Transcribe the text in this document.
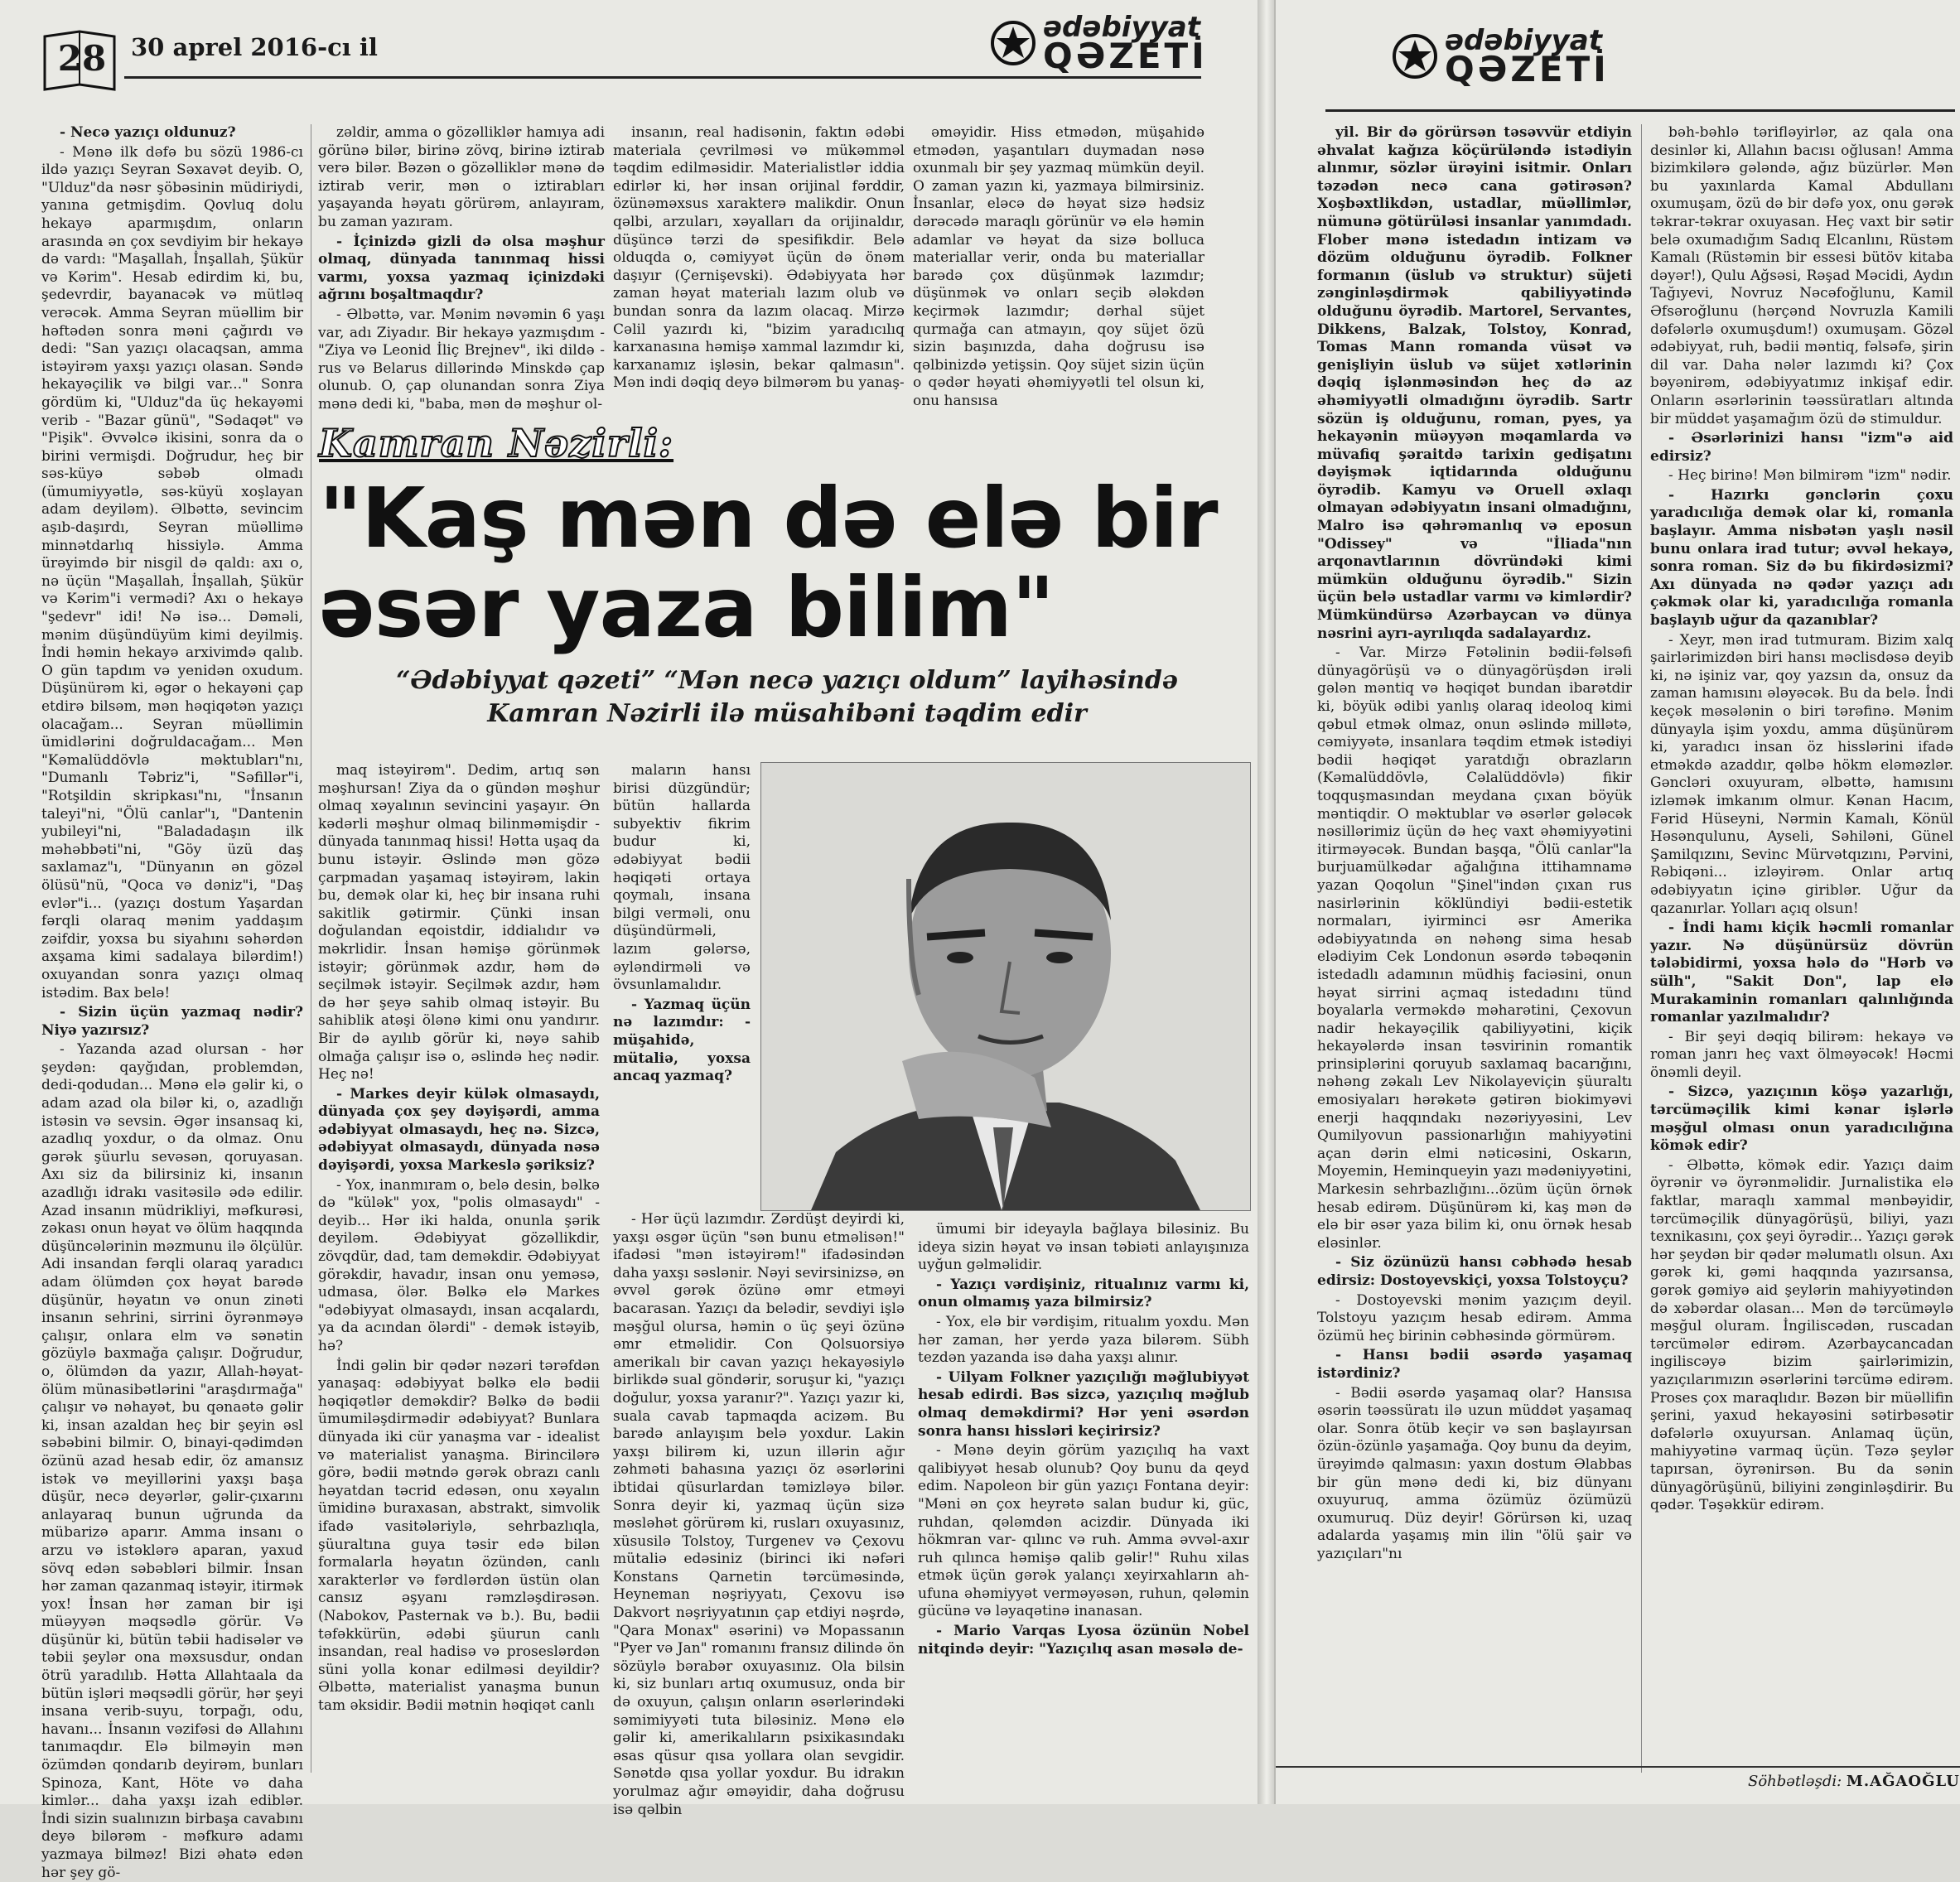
28 30 aprel 2016-cı il
ədəbiyyat
QƏZETİ

- Necə yazıçı oldunuz?

- Mənə ilk dəfə bu sözü 1986-cı ildə yazıçı Seyran Səxavət deyib. O, "Ulduz"da nəsr şöbəsinin müdiriydi, yanına getmişdim. Qovluq dolu hekayə aparmışdım, onların arasında ən çox sevdiyim bir hekayə də vardı: "Maşallah, İnşallah, Şükür və Kərim". Hesab edirdim ki, bu, şedevrdir, bayanacək və mütləq verəcək. Amma Seyran müəllim bir həftədən sonra məni çağırdı və dedi: "San yazıçı olacaqsan, amma istəyirəm yaxşı yazıçı olasan. Səndə hekayəçilik və bilgi var..." Sonra gördüm ki, "Ulduz"da üç hekayəmi verib - "Bazar günü", "Sədaqət" və "Pişik". Əvvəlcə ikisini, sonra da o birini vermişdi. Doğrudur, heç bir səs-küyə səbəb olmadı (ümumiyyətlə, səs-küyü xoşlayan adam deyiləm). Əlbəttə, sevincim aşıb-daşırdı, Seyran müəllimə minnətdarlıq hissiylə. Amma ürəyimdə bir nisgil də qaldı: axı o, nə üçün "Maşallah, İnşallah, Şükür və Kərim"i vermədi? Axı o hekayə "şedevr" idi! Nə isə... Dəməli, mənim düşündüyüm kimi deyilmiş. İndi həmin hekayə arxivimdə qalıb. O gün tapdım və yenidən oxudum. Düşünürəm ki, əgər o hekayəni çap etdirə bilsəm, mən həqiqətən yazıçı olacağam... Seyran müəllimin ümidlərini doğruldacağam... Mən "Kəmalüddövlə məktubları"nı, "Dumanlı Təbriz"i, "Səfillər"i, "Rotşildin skripkası"nı, "İnsanın taleyi"ni, "Ölü canlar"ı, "Dantenin yubileyi"ni, "Baladadaşın ilk məhəbbəti"ni, "Göy üzü daş saxlamaz"ı, "Dünyanın ən gözəl ölüsü"nü, "Qoca və dəniz"i, "Daş evlər"i... (yazıçı dostum Yaşardan fərqli olaraq mənim yaddaşım zəifdir, yoxsa bu siyahını səhərdən axşama kimi sadalaya bilərdim!) oxuyandan sonra yazıçı olmaq istədim. Bax belə!

- Sizin üçün yazmaq nədir? Niyə yazırsız?

- Yazanda azad olursan - hər şeydən: qayğıdan, problemdən, dedi-qodudan... Mənə elə gəlir ki, o adam azad ola bilər ki, o, azadlığı istəsin və sevsin. Əgər insansaq ki, azadlıq yoxdur, o da olmaz. Onu gərək şüurlu sevəsən, qoruyasan. Axı siz da bilirsiniz ki, insanın azadlığı idrakı vasitəsilə ədə edilir. Azad insanın müdrikliyi, məfkurəsi, zəkası onun həyat və ölüm haqqında düşüncələrinin məzmunu ilə ölçülür. Adi insandan fərqli olaraq yaradıcı adam ölümdən çox həyat barədə düşünür, həyatın və onun zinəti insanın sehrini, sirrini öyrənməyə çalışır, onlara elm və sənətin gözüylə baxmağa çalışır. Doğrudur, o, ölümdən da yazır, Allah-həyat-ölüm münasibətlərini "araşdırmağa" çalışır və nəhayət, bu qənaətə gəlir ki, insan azaldan heç bir şeyin əsl səbəbini bilmir. O, binayi-qədimdən özünü azad hesab edir, öz amansız istək və meyillərini yaxşı başa düşür, necə deyərlər, gəlir-çıxarını anlayaraq bunun uğrunda da mübarizə aparır. Amma insanı o arzu və istəklərə aparan, yaxud sövq edən səbəbləri bilmir. İnsan hər zaman qazanmaq istəyir, itirmək yox! İnsan hər zaman bir işi müəyyən məqsədlə görür. Və düşünür ki, bütün təbii hadisələr və təbii şeylər ona məxsusdur, ondan ötrü yaradılıb. Hətta Allahtaala da bütün işləri məqsədli görür, hər şeyi insana verib-suyu, torpağı, odu, havanı... İnsanın vəzifəsi də Allahını tanımaqdır. Elə bilməyin mən özümdən qondarıb deyirəm, bunları Spinoza, Kant, Höte və daha kimlər... daha yaxşı izah ediblər. İndi sizin sualınızın birbaşa cavabını deyə bilərəm - məfkurə adamı yazmaya bilməz! Bizi əhatə edən hər şey gö-

zəldir, amma o gözəlliklər hamıya adi görünə bilər, birinə zövq, birinə iztirab verə bilər. Bəzən o gözəlliklər mənə də iztirab verir, mən o iztirabları yaşayanda həyatı görürəm, anlayıram, bu zaman yazıram.

- İçinizdə gizli də olsa məşhur olmaq, dünyada tanınmaq hissi varmı, yoxsa yazmaq içinizdəki ağrını boşaltmaqdır?

- Əlbəttə, var. Mənim nəvəmin 6 yaşı var, adı Ziyadır. Bir hekayə yazmışdım - "Ziya və Leonid İliç Brejnev", iki dildə - rus və Belarus dillərində Minskdə çap olunub. O, çap olunandan sonra Ziya mənə dedi ki, "baba, mən də məşhur ol-

insanın, real hadisənin, faktın ədəbi materiala çevrilməsi və mükəmməl təqdim edilməsidir. Materialistlər iddia edirlər ki, hər insan orijinal fərddir, özünəməxsus xarakterə malikdir. Onun qəlbi, arzuları, xəyalları da orijinaldır, düşüncə tərzi də spesifikdir. Belə olduqda o, cəmiyyət üçün də önəm daşıyır (Çernişevski). Ədəbiyyata hər zaman həyat materialı lazım olub və bundan sonra da lazım olacaq. Mirzə Cəlil yazırdı ki, "bizim yaradıcılıq karxanasına həmişə xammal lazımdır ki, karxanamız işləsin, bekar qalmasın". Mən indi dəqiq deyə bilmərəm bu yanaş-

əməyidir. Hiss etmədən, müşahidə etmədən, yaşantıları duymadan nəsə oxunmalı bir şey yazmaq mümkün deyil. O zaman yazın ki, yazmaya bilmirsiniz. İnsanlar, eləcə də həyat sizə hədsiz dərəcədə maraqlı görünür və elə həmin adamlar və həyat da sizə bolluca materiallar verir, onda bu materiallar barədə çox düşünmək lazımdır; düşünmək və onları seçib ələkdən keçirmək lazımdır; dərhal süjet qurmağa can atmayın, qoy süjet özü sizin başınızda, daha doğrusu isə qəlbinizdə yetişsin. Qoy süjet sizin üçün o qədər həyati əhəmiyyətli tel olsun ki, onu hansısa

Kamran Nəzirli:
"Kaş mən də elə bir əsər yaza bilim"
“Ədəbiyyat qəzeti” “Mən necə yazıçı oldum” layihəsində
Kamran Nəzirli ilə müsahibəni təqdim edir

maq istəyirəm". Dedim, artıq sən məşhursan! Ziya da o gündən məşhur olmaq xəyalının sevincini yaşayır. Ən kədərli məşhur olmaq bilinməmişdir - dünyada tanınmaq hissi! Hətta uşaq da bunu istəyir. Əslində mən gözə çarpmadan yaşamaq istəyirəm, lakin bu, demək olar ki, heç bir insana ruhi sakitlik gətirmir. Çünki insan doğulandan eqoistdir, iddialıdır və məkrlidir. İnsan həmişə görünmək istəyir; görünmək azdır, həm də seçilmək istəyir. Seçilmək azdır, həm də hər şeyə sahib olmaq istəyir. Bu sahiblik atəşi ölənə kimi onu yandırır. Bir də ayılıb görür ki, nəyə sahib olmağa çalışır isə o, əslində heç nədir. Heç nə!

- Markes deyir külək olmasaydı, dünyada çox şey dəyişərdi, amma ədəbiyyat olmasaydı, heç nə. Sizcə, ədəbiyyat olmasaydı, dünyada nəsə dəyişərdi, yoxsa Markeslə şəriksiz?

- Yox, inanmıram o, belə desin, bəlkə də "külək" yox, "polis olmasaydı" - deyib... Hər iki halda, onunla şərik deyiləm. Ədəbiyyat gözəllikdir, zövqdür, dad, tam deməkdir. Ədəbiyyat görəkdir, havadır, insan onu yeməsə, udmasa, ölər. Bəlkə elə Markes "ədəbiyyat olmasaydı, insan acqalardı, ya da acından ölərdi" - demək istəyib, hə?

İndi gəlin bir qədər nəzəri tərəfdən yanaşaq: ədəbiyyat bəlkə elə bədii həqiqətlər deməkdir? Bəlkə də bədii ümumiləşdirmədir ədəbiyyat? Bunlara dünyada iki cür yanaşma var - idealist və materialist yanaşma. Birincilərə görə, bədii mətndə gərək obrazı canlı həyatdan təcrid edəsən, onu xəyalın ümidinə buraxasan, abstrakt, simvolik ifadə vasitələriylə, sehrbazlıqla, şüuraltına guya təsir edə bilən formalarla həyatın özündən, canlı xarakterlər və fərdlərdən üstün olan cansız əşyanı rəmzləşdirəsən. (Nabokov, Pasternak və b.). Bu, bədii təfəkkürün, ədəbi şüurun canlı insandan, real hadisə və proseslərdən süni yolla konar edilməsi deyildir? Əlbəttə, materialist yanaşma bunun tam əksidir. Bədii mətnin həqiqət canlı

maların hansı birisi düzgündür; bütün hallarda subyektiv fikrim budur ki, ədəbiyyat bədii həqiqəti ortaya qoymalı, insana bilgi verməli, onu düşündürməli, lazım gələrsə, əyləndirməli və övsunlamalıdır.

- Yazmaq üçün nə lazımdır: - müşahidə, mütaliə, yoxsa ancaq yazmaq?

- Hər üçü lazımdır. Zərdüşt deyirdi ki, yaxşı əsgər üçün "sən bunu etməlisən!" ifadəsi "mən istəyirəm!" ifadəsindən daha yaxşı səslənir. Nəyi sevirsinizsə, ən əvvəl gərək özünə əmr etməyi bacarasan. Yazıçı da belədir, sevdiyi işlə məşğul olursa, həmin o üç şeyi özünə əmr etməlidir. Con Qolsuorsiyə amerikalı bir cavan yazıçı hekayəsiylə birlikdə sual göndərir, soruşur ki, "yazıçı doğulur, yoxsa yaranır?". Yazıçı yazır ki, suala cavab tapmaqda acizəm. Bu barədə anlayışım belə yoxdur. Lakin yaxşı bilirəm ki, uzun illərin ağır zəhməti bahasına yazıçı öz əsərlərini ibtidai qüsurlardan təmizləyə bilər. Sonra deyir ki, yazmaq üçün sizə məsləhət görürəm ki, rusları oxuyasınız, xüsusilə Tolstoy, Turgenev və Çexovu mütaliə edəsiniz (birinci iki nəfəri Konstans Qarnetin tərcüməsində, Heyneman nəşriyyatı, Çexovu isə Dakvort nəşriyyatının çap etdiyi nəşrdə, "Qara Monax" əsərini) və Mopassanın "Pyer və Jan" romanını fransız dilində ön sözüylə bərabər oxuyasınız. Ola bilsin ki, siz bunları artıq oxumusuz, onda bir də oxuyun, çalışın onların əsərlərindəki səmimiyyəti tuta biləsiniz. Mənə elə gəlir ki, amerikalıların psixikasındakı əsas qüsur qısa yollara olan sevgidir. Sənətdə qısa yollar yoxdur. Bu idrakın yorulmaz ağır əməyidir, daha doğrusu isə qəlbin

ümumi bir ideyayla bağlaya biləsiniz. Bu ideya sizin həyat və insan təbiəti anlayışınıza uyğun gəlməlidir.

- Yazıçı vərdişiniz, ritualınız varmı ki, onun olmamış yaza bilmirsiz?

- Yox, elə bir vərdişim, ritualım yoxdu. Mən hər zaman, hər yerdə yaza bilərəm. Sübh tezdən yazanda isə daha yaxşı alınır.

- Uilyam Folkner yazıçılığı məğlubiyyət hesab edirdi. Bəs sizcə, yazıçılıq məğlub olmaq deməkdirmi? Hər yeni əsərdən sonra hansı hissləri keçirirsiz?

- Mənə deyin görüm yazıçılıq ha vaxt qalibiyyət hesab olunub? Qoy bunu da qeyd edim. Napoleon bir gün yazıçı Fontana deyir: "Məni ən çox heyrətə salan budur ki, güc, ruhdan, qələmdən acizdir. Dünyada iki hökmran var- qılınc və ruh. Amma əvvəl-axır ruh qılınca həmişə qalib gəlir!" Ruhu xilas etmək üçün gərək yalançı xeyirxahların ah-ufuna əhəmiyyət verməyəsən, ruhun, qələmin gücünə və ləyaqətinə inanasan.

- Mario Varqas Lyosa özünün Nobel nitqində deyir: "Yazıçılıq asan məsələ de-

ədəbiyyat
QƏZETİ

yil. Bir də görürsən təsəvvür etdiyin əhvalat kağıza köçürüləndə istədiyin alınmır, sözlər ürəyini isitmir. Onları təzədən necə cana gətirəsən? Xoşbəxtlikdən, ustadlar, müəllimlər, nümunə götürüləsi insanlar yanımdadı. Flober mənə istedadın intizam və dözüm olduğunu öyrədib. Folkner formanın (üslub və struktur) süjeti zənginləşdirmək qabiliyyətində olduğunu öyrədib. Martorel, Servantes, Dikkens, Balzak, Tolstoy, Konrad, Tomas Mann romanda vüsət və genişliyin üslub və süjet xətlərinin dəqiq işlənməsindən heç də az əhəmiyyətli olmadığını öyrədib. Sartr sözün iş olduğunu, roman, pyes, ya hekayənin müəyyən məqamlarda və müvafiq şəraitdə tarixin gedişatını dəyişmək iqtidarında olduğunu öyrədib. Kamyu və Oruell əxlaqı olmayan ədəbiyyatın insani olmadığını, Malro isə qəhrəmanlıq və eposun "Odissey" və "İliada"nın arqonavtlarının dövründəki kimi mümkün olduğunu öyrədib." Sizin üçün belə ustadlar varmı və kimlərdir? Mümkündürsə Azərbaycan və dünya nəsrini ayrı-ayrılıqda sadalayardız.

- Var. Mirzə Fətəlinin bədii-fəlsəfi dünyagörüşü və o dünyagörüşdən irəli gələn məntiq və həqiqət bundan ibarətdir ki, böyük ədibi yanlış olaraq ideoloq kimi qəbul etmək olmaz, onun əslində millətə, cəmiyyətə, insanlara təqdim etmək istədiyi bədii həqiqət yaratdığı obrazların (Kəmalüddövlə, Cəlalüddövlə) fikir toqquşmasından meydana çıxan böyük məntiqdir. O məktublar və əsərlər gələcək nəsillərimiz üçün də heç vaxt əhəmiyyətini itirməyəcək. Bundan başqa, "Ölü canlar"la burjuamülkədar ağalığına ittihamnamə yazan Qoqolun "Şinel"indən çıxan rus nasirlərinin köklündiyi bədii-estetik normaları, iyirminci əsr Amerika ədəbiyyatında ən nəhəng sima hesab elədiyim Cek Londonun əsərdə təbəqənin istedadlı adamının müdhiş faciəsini, onun həyat sirrini açmaq istedadını tünd boyalarla verməkdə məharətini, Çexovun nadir hekayəçilik qabiliyyətini, kiçik hekayələrdə insan təsvirinin romantik prinsiplərini qoruyub saxlamaq bacarığını, nəhəng zəkalı Lev Nikolayeviçin şüuraltı emosiyaları hərəkətə gətirən biokimyəvi enerji haqqındakı nəzəriyyəsini, Lev Qumilyovun passionarlığın mahiyyətini açan dərin elmi nəticəsini, Oskarın, Moyemin, Heminqueyin yazı mədəniyyətini, Markesin sehrbazlığını...özüm üçün örnək hesab edirəm. Düşünürəm ki, kaş mən də elə bir əsər yaza bilim ki, onu örnək hesab eləsinlər.

- Siz özünüzü hansı cəbhədə hesab edirsiz: Dostoyevskiçi, yoxsa Tolstoyçu?

- Dostoyevski mənim yazıçım deyil. Tolstoyu yazıçım hesab edirəm. Amma özümü heç birinin cəbhəsində görmürəm.

- Hansı bədii əsərdə yaşamaq istərdiniz?

- Bədii əsərdə yaşamaq olar? Hansısa əsərin təəssüratı ilə uzun müddət yaşamaq olar. Sonra ötüb keçir və sən başlayırsan özün-özünlə yaşamağa. Qoy bunu da deyim, ürəyimdə qalmasın: yaxın dostum Əlabbas bir gün mənə dedi ki, biz dünyanı oxuyuruq, amma özümüz özümüzü oxumuruq. Düz deyir! Görürsən ki, uzaq adalarda yaşamış min ilin "ölü şair və yazıçıları"nı

bəh-bəhlə tərifləyirlər, az qala ona desinlər ki, Allahın bacısı oğlusan! Amma bizimkilərə gələndə, ağız büzürlər. Mən bu yaxınlarda Kamal Abdullanı oxumuşam, özü də bir dəfə yox, onu gərək təkrar-təkrar oxuyasan. Heç vaxt bir sətir belə oxumadığım Sadıq Elcanlını, Rüstəm Kamalı (Rüstəmin bir essesi bütöv kitaba dəyər!), Qulu Ağsəsi, Rəşad Məcidi, Aydın Tağıyevi, Novruz Nəcəfoğlunu, Kamil Əfsəroğlunu (hərçənd Novruzla Kamili dəfələrlə oxumuşdum!) oxumuşam. Gözəl ədəbiyyat, ruh, bədii məntiq, fəlsəfə, şirin dil var. Daha nələr lazımdı ki? Çox bəyənirəm, ədəbiyyatımız inkişaf edir. Onların əsərlərinin təəssüratları altında bir müddət yaşamağım özü də stimuldur.

- Əsərlərinizi hansı "izm"ə aid edirsiz?

- Heç birinə! Mən bilmirəm "izm" nədir.

- Hazırkı gənclərin çoxu yaradıcılığa demək olar ki, romanla başlayır. Amma nisbətən yaşlı nəsil bunu onlara irad tutur; əvvəl hekayə, sonra roman. Siz də bu fikirdəsizmi? Axı dünyada nə qədər yazıçı adı çəkmək olar ki, yaradıcılığa romanla başlayıb uğur da qazanıblar?

- Xeyr, mən irad tutmuram. Bizim xalq şairlərimizdən biri hansı məclisdəsə deyib ki, nə işiniz var, qoy yazsın da, onsuz da zaman hamısını ələyəcək. Bu da belə. İndi keçək məsələnin o biri tərəfinə. Mənim dünyayla işim yoxdu, amma düşünürəm ki, yaradıcı insan öz hisslərini ifadə etməkdə azaddır, qəlbə hökm eləməzlər. Gəncləri oxuyuram, əlbəttə, hamısını izləmək imkanım olmur. Kənan Hacım, Fərid Hüseyni, Nərmin Kamalı, Könül Həsənqulunu, Ayseli, Səhiləni, Günel Şamilqızını, Sevinc Mürvətqızını, Pərvini, Rəbiqəni... izləyirəm. Onlar artıq ədəbiyyatın içinə giriblər. Uğur da qazanırlar. Yolları açıq olsun!

- İndi hamı kiçik həcmli romanlar yazır. Nə düşünürsüz dövrün tələbidirmi, yoxsa hələ də "Hərb və sülh", "Sakit Don", lap elə Murakaminin romanları qalınlığında romanlar yazılmalıdır?

- Bir şeyi dəqiq bilirəm: hekayə və roman janrı heç vaxt ölməyəcək! Həcmi önəmli deyil.

- Sizcə, yazıçının köşə yazarlığı, tərcüməçilik kimi kənar işlərlə məşğul olması onun yaradıcılığına kömək edir?

- Əlbəttə, kömək edir. Yazıçı daim öyrənir və öyrənməlidir. Jurnalistika elə faktlar, maraqlı xammal mənbəyidir, tərcüməçilik dünyagörüşü, biliyi, yazı texnikasını, çox şeyi öyrədir... Yazıçı gərək hər şeydən bir qədər məlumatlı olsun. Axı gərək ki, gəmi haqqında yazırsansa, gərək gəmiyə aid şeylərin mahiyyətindən də xəbərdar olasan... Mən də tərcüməylə məşğul oluram. İngiliscədən, ruscadan tərcümələr edirəm. Azərbaycancadan ingiliscəyə bizim şairlərimizin, yazıçılarımızın əsərlərini tərcümə edirəm. Proses çox maraqlıdır. Bəzən bir müəllifin şerini, yaxud hekayəsini sətirbəsətir dəfələrlə oxuyursan. Anlamaq üçün, mahiyyətinə varmaq üçün. Təzə şeylər tapırsan, öyrənirsən. Bu da sənin dünyagörüşünü, biliyini zənginləşdirir. Bu qədər. Təşəkkür edirəm.

Söhbətləşdi: M.AĞAOĞLU
